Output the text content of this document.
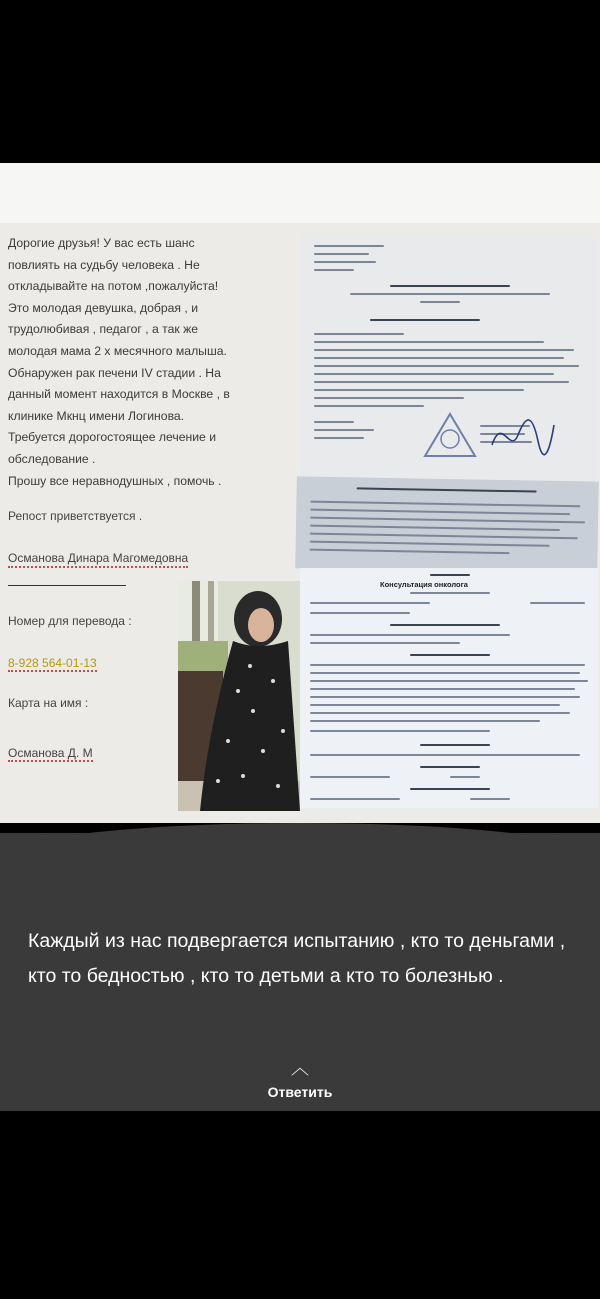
Дорогие друзья! У вас есть шанс

повлиять на судьбу человека . Не

откладывайте на потом ,пожалуйста!

Это молодая девушка, добрая , и

трудолюбивая , педагог , а так же

молодая мама 2 х месячного малыша.

Обнаружен рак печени IV стадии . На

данный момент находится в Москве , в

клинике Мкнц имени Логинова.

Требуется дорогостоящее лечение и

обследование .

Прошу все неравнодушных , помочь .

Репост приветствуется .
Османова Динара Магомедовна
Номер для перевода :
8-928 564-01-13
Карта на имя :
Османова Д. М
Консультация онколога
Каждый из нас подвергается испытанию , кто то деньгами , кто то бедностью , кто то детьми а кто то болезнью .
︿
Ответить
